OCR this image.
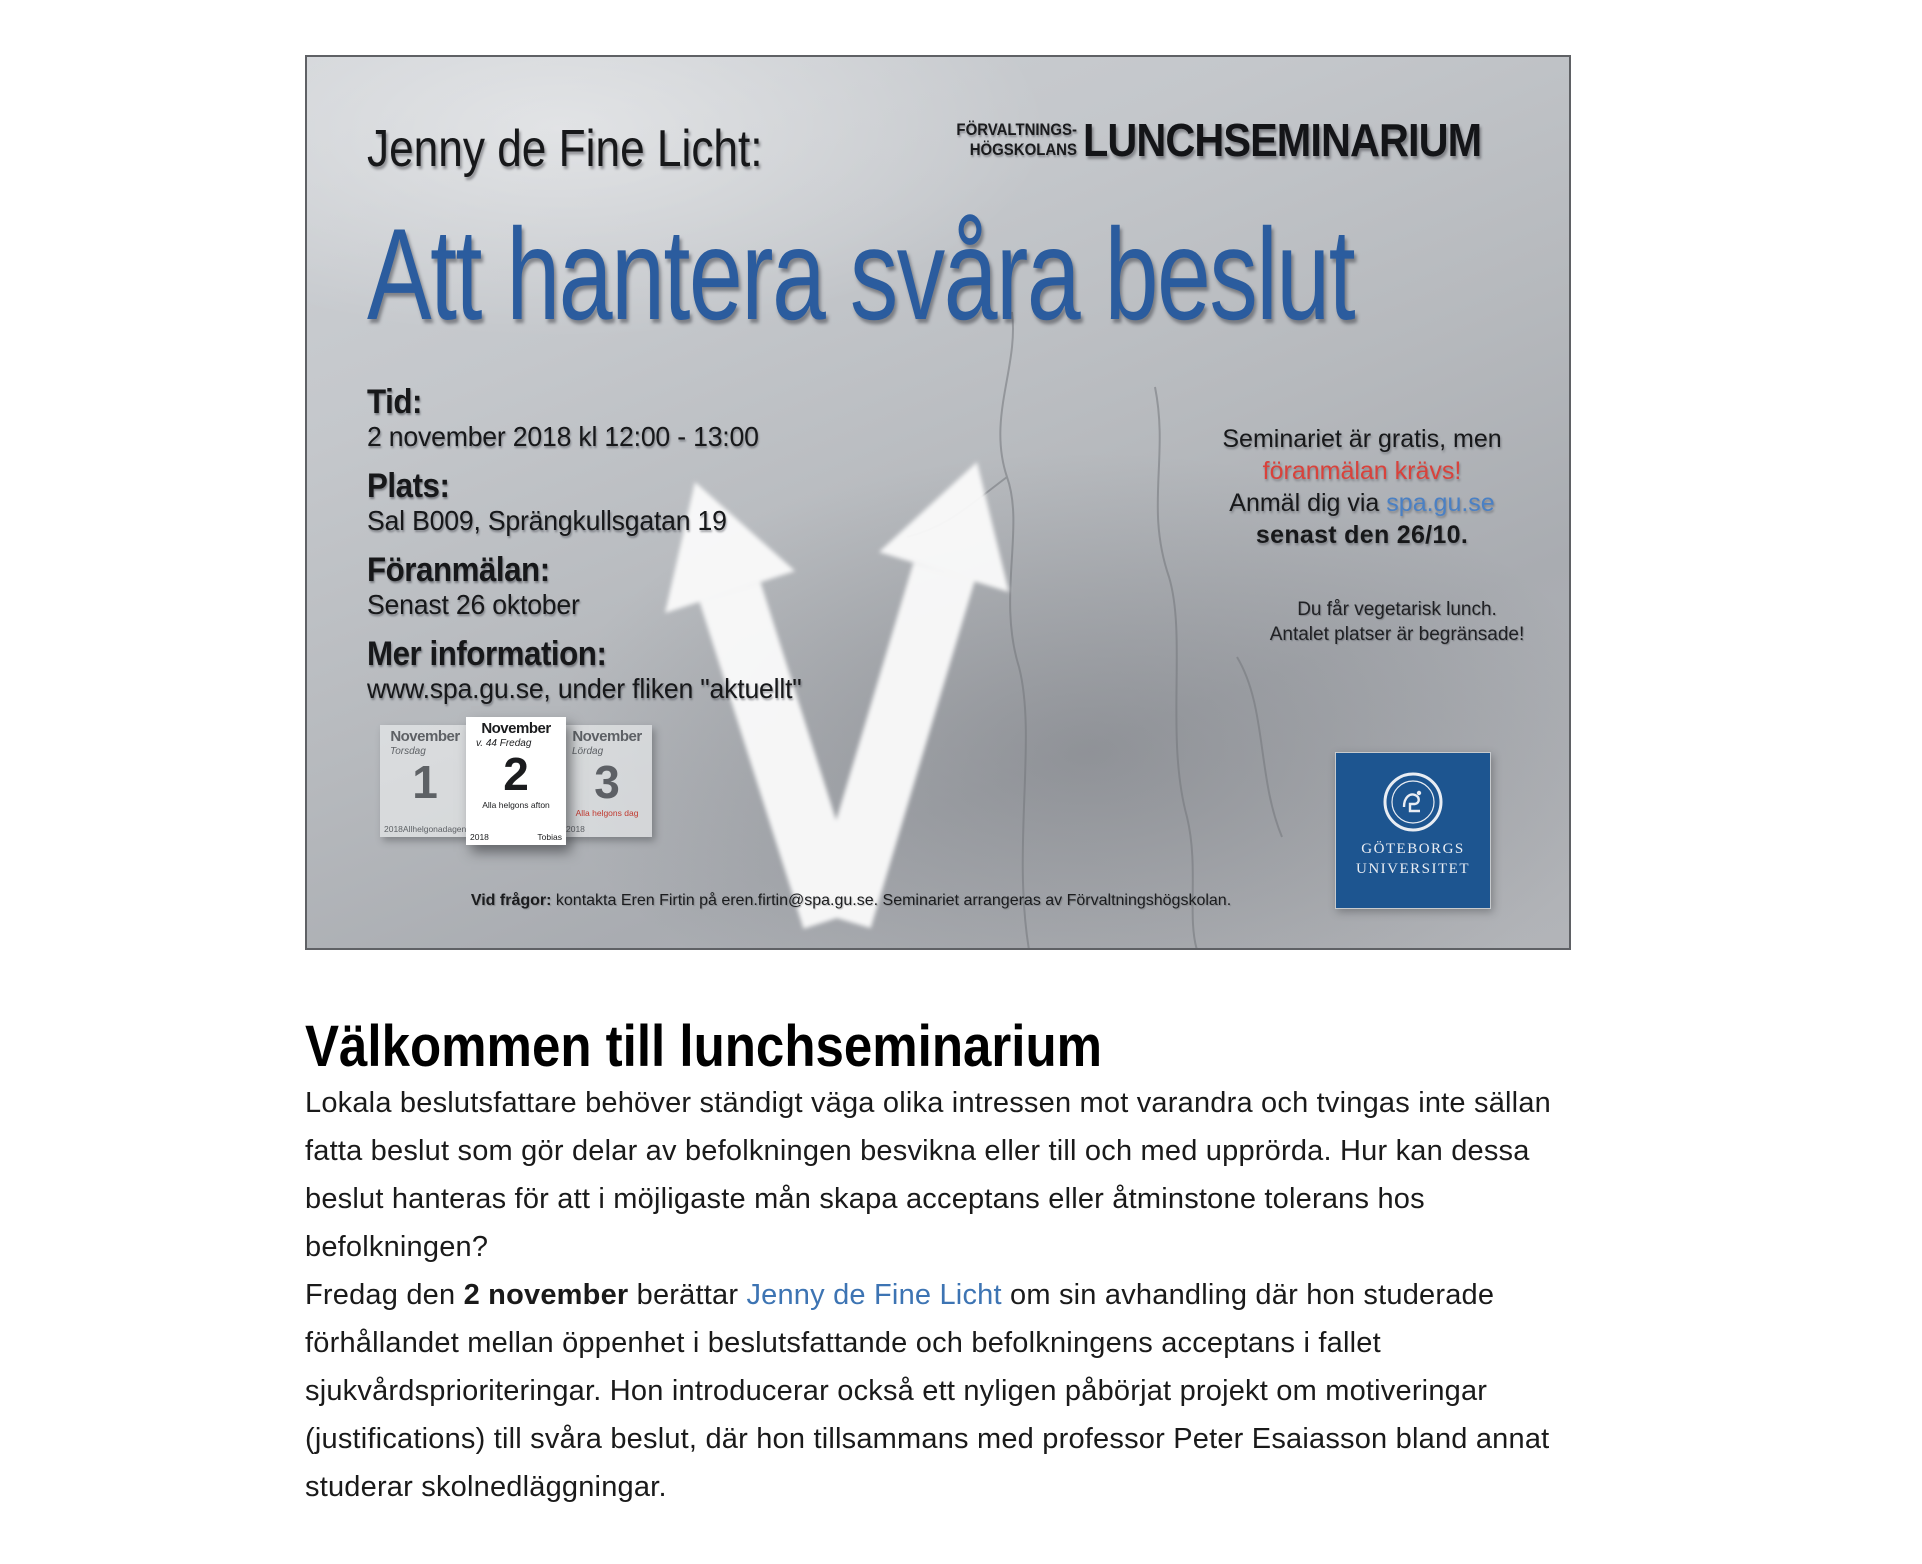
Jenny de Fine Licht:	FÖRVALTNINGS-
HÖGSKOLANS LUNCHSEMINARIUM
Att hantera svåra beslut
Tid:
2 november 2018 kl 12:00 - 13:00
Plats:
Sal B009, Sprängkullsgatan 19
Föranmälan:
Senast 26 oktober
Mer information:
www.spa.gu.se, under fliken "aktuellt"
Seminariet är gratis, men
föranmälan krävs!
Anmäl dig via spa.gu.se
senast den 26/10.
Du får vegetarisk lunch.
Antalet platser är begränsade!
November
Torsdag
1
2018 Allhelgonadagen
November
v. 44 Fredag
2
Alla helgons afton
2018	Tobias
November
Lördag
3
Alla helgons dag
2018
GÖTEBORGS
UNIVERSITET
Vid frågor: kontakta Eren Firtin på eren.firtin@spa.gu.se. Seminariet arrangeras av Förvaltningshögskolan.
Välkommen till lunchseminarium

Lokala beslutsfattare behöver ständigt väga olika intressen mot varandra och tvingas inte sällan fatta beslut som gör delar av befolkningen besvikna eller till och med upprörda. Hur kan dessa beslut hanteras för att i möjligaste mån skapa acceptans eller åtminstone tolerans hos befolkningen?

Fredag den 2 november berättar Jenny de Fine Licht om sin avhandling där hon studerade förhållandet mellan öppenhet i beslutsfattande och befolkningens acceptans i fallet sjukvårdsprioriteringar. Hon introducerar också ett nyligen påbörjat projekt om motiveringar (justifications) till svåra beslut, där hon tillsammans med professor Peter Esaiasson bland annat studerar skolnedläggningar.
